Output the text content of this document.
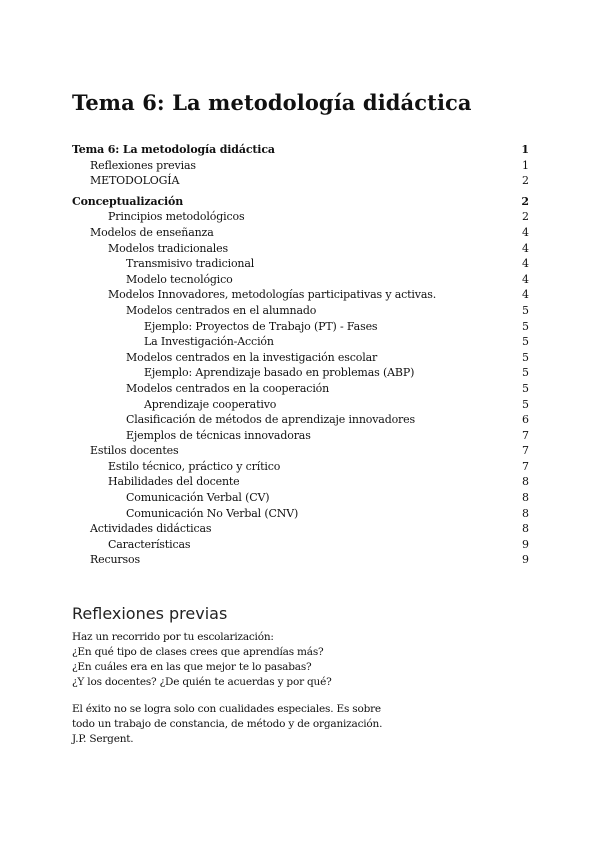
Tema 6: La metodología didáctica
Tema 6: La metodología didáctica	1
Reflexiones previas	1
METODOLOGÍA	2
Conceptualización	2
Principios metodológicos	2
Modelos de enseñanza	4
Modelos tradicionales	4
Transmisivo tradicional	4
Modelo tecnológico	4
Modelos Innovadores, metodologías participativas y activas.	4
Modelos centrados en el alumnado	5
Ejemplo: Proyectos de Trabajo (PT) - Fases	5
La Investigación-Acción	5
Modelos centrados en la investigación escolar	5
Ejemplo: Aprendizaje basado en problemas (ABP)	5
Modelos centrados en la cooperación	5
Aprendizaje cooperativo	5
Clasificación de métodos de aprendizaje innovadores	6
Ejemplos de técnicas innovadoras	7
Estilos docentes	7
Estilo técnico, práctico y crítico	7
Habilidades del docente	8
Comunicación Verbal (CV)	8
Comunicación No Verbal (CNV)	8
Actividades didácticas	8
Características	9
Recursos	9
Reflexiones previas
Haz un recorrido por tu escolarización:
¿En qué tipo de clases crees que aprendías más?
¿En cuáles era en las que mejor te lo pasabas?
¿Y los docentes? ¿De quién te acuerdas y por qué?
El éxito no se logra solo con cualidades especiales. Es sobre
todo un trabajo de constancia, de método y de organización.
J.P. Sergent.
